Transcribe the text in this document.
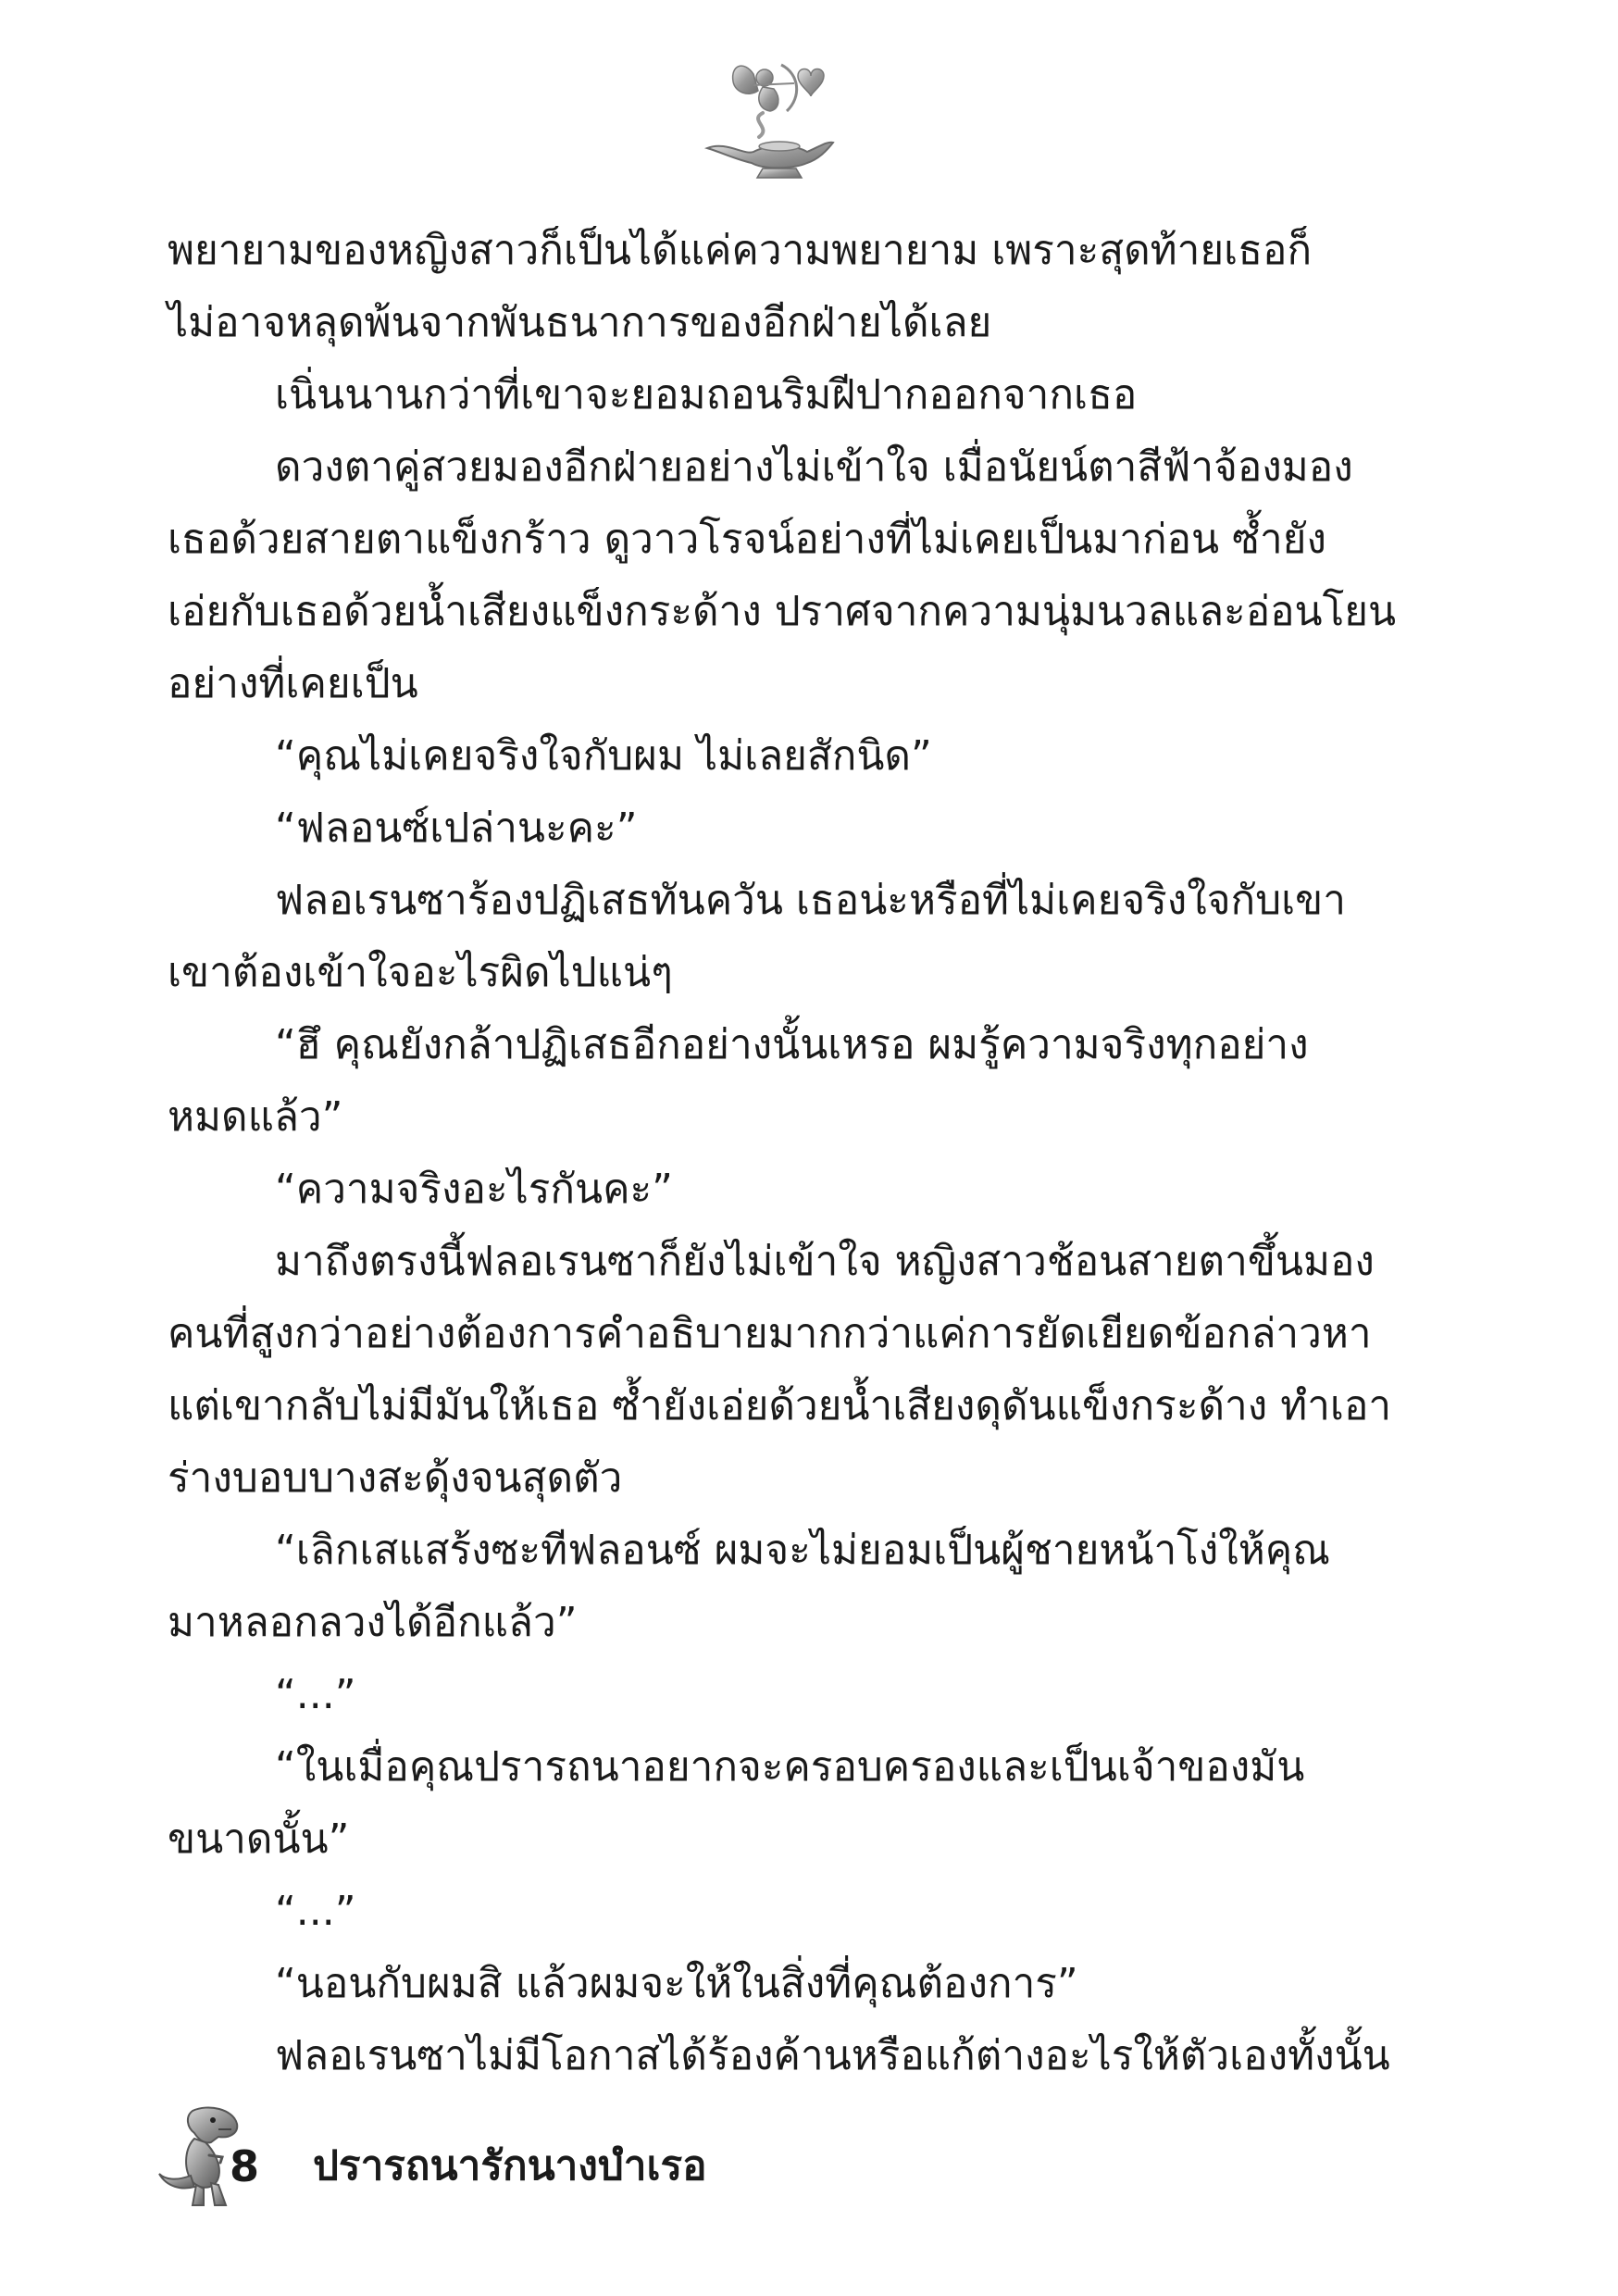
พยายามของหญิงสาวก็เป็นได้แค่ความพยายาม เพราะสุดท้ายเธอก็

ไม่อาจหลุดพ้นจากพันธนาการของอีกฝ่ายได้เลย

เนิ่นนานกว่าที่เขาจะยอมถอนริมฝีปากออกจากเธอ

ดวงตาคู่สวยมองอีกฝ่ายอย่างไม่เข้าใจ เมื่อนัยน์ตาสีฟ้าจ้องมอง

เธอด้วยสายตาแข็งกร้าว ดูวาวโรจน์อย่างที่ไม่เคยเป็นมาก่อน ซ้ำยัง

เอ่ยกับเธอด้วยน้ำเสียงแข็งกระด้าง ปราศจากความนุ่มนวลและอ่อนโยน

อย่างที่เคยเป็น

“คุณไม่เคยจริงใจกับผม ไม่เลยสักนิด”

“ฟลอนซ์เปล่านะคะ”

ฟลอเรนซาร้องปฏิเสธทันควัน เธอน่ะหรือที่ไม่เคยจริงใจกับเขา

เขาต้องเข้าใจอะไรผิดไปแน่ๆ

“ฮึ คุณยังกล้าปฏิเสธอีกอย่างนั้นเหรอ ผมรู้ความจริงทุกอย่าง

หมดแล้ว”

“ความจริงอะไรกันคะ”

มาถึงตรงนี้ฟลอเรนซาก็ยังไม่เข้าใจ หญิงสาวช้อนสายตาขึ้นมอง

คนที่สูงกว่าอย่างต้องการคำอธิบายมากกว่าแค่การยัดเยียดข้อกล่าวหา

แต่เขากลับไม่มีมันให้เธอ ซ้ำยังเอ่ยด้วยน้ำเสียงดุดันแข็งกระด้าง ทำเอา

ร่างบอบบางสะดุ้งจนสุดตัว

“เลิกเสแสร้งซะทีฟลอนซ์ ผมจะไม่ยอมเป็นผู้ชายหน้าโง่ให้คุณ

มาหลอกลวงได้อีกแล้ว”

“...”

“ในเมื่อคุณปรารถนาอยากจะครอบครองและเป็นเจ้าของมัน

ขนาดนั้น”

“...”

“นอนกับผมสิ แล้วผมจะให้ในสิ่งที่คุณต้องการ”

ฟลอเรนซาไม่มีโอกาสได้ร้องค้านหรือแก้ต่างอะไรให้ตัวเองทั้งนั้น

8 ปรารถนารักนางบำเรอ
